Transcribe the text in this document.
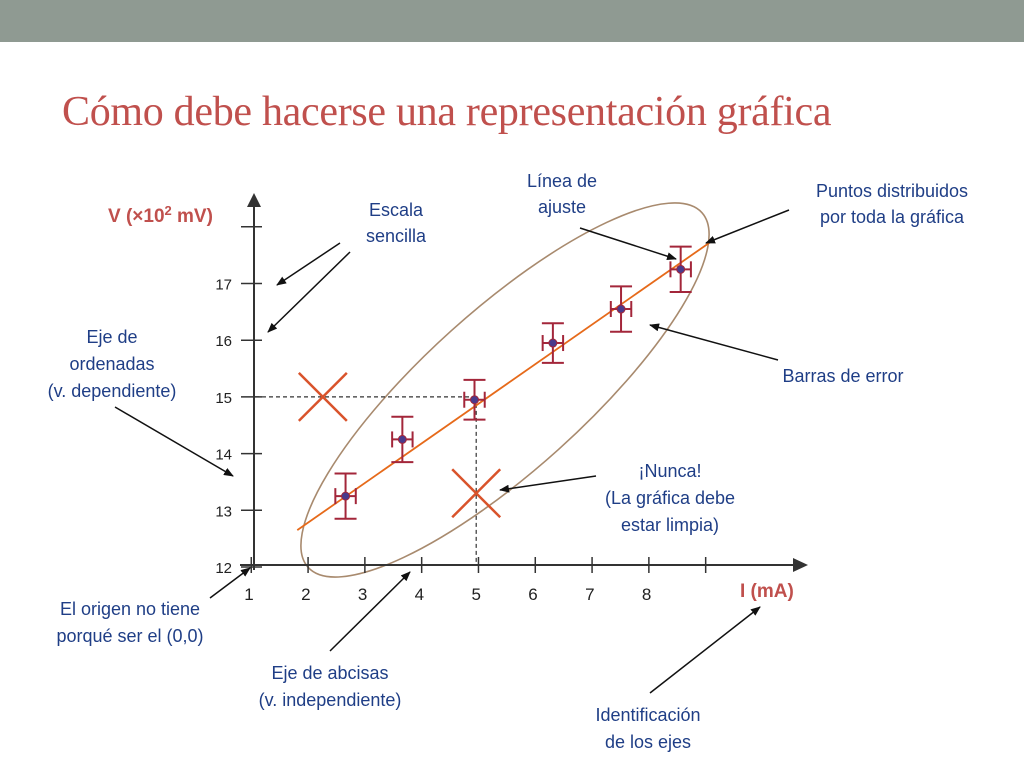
Cómo debe hacerse una representación gráfica
1	2	3	4	5	6	7	8
12
13
14
15
16
17
V ($\times 10^2$ mV)
I (mA)
Escala
sencilla
Línea de
ajuste
Puntos distribuidos
por toda la gráfica
Eje de
ordenadas
(v. dependiente)
Barras de error
¡Nunca!
(La gráfica debe
estar limpia)
El origen no tiene
porqué ser el (0,0)
Eje de abcisas
(v. independiente)
Identificación
de los ejes
